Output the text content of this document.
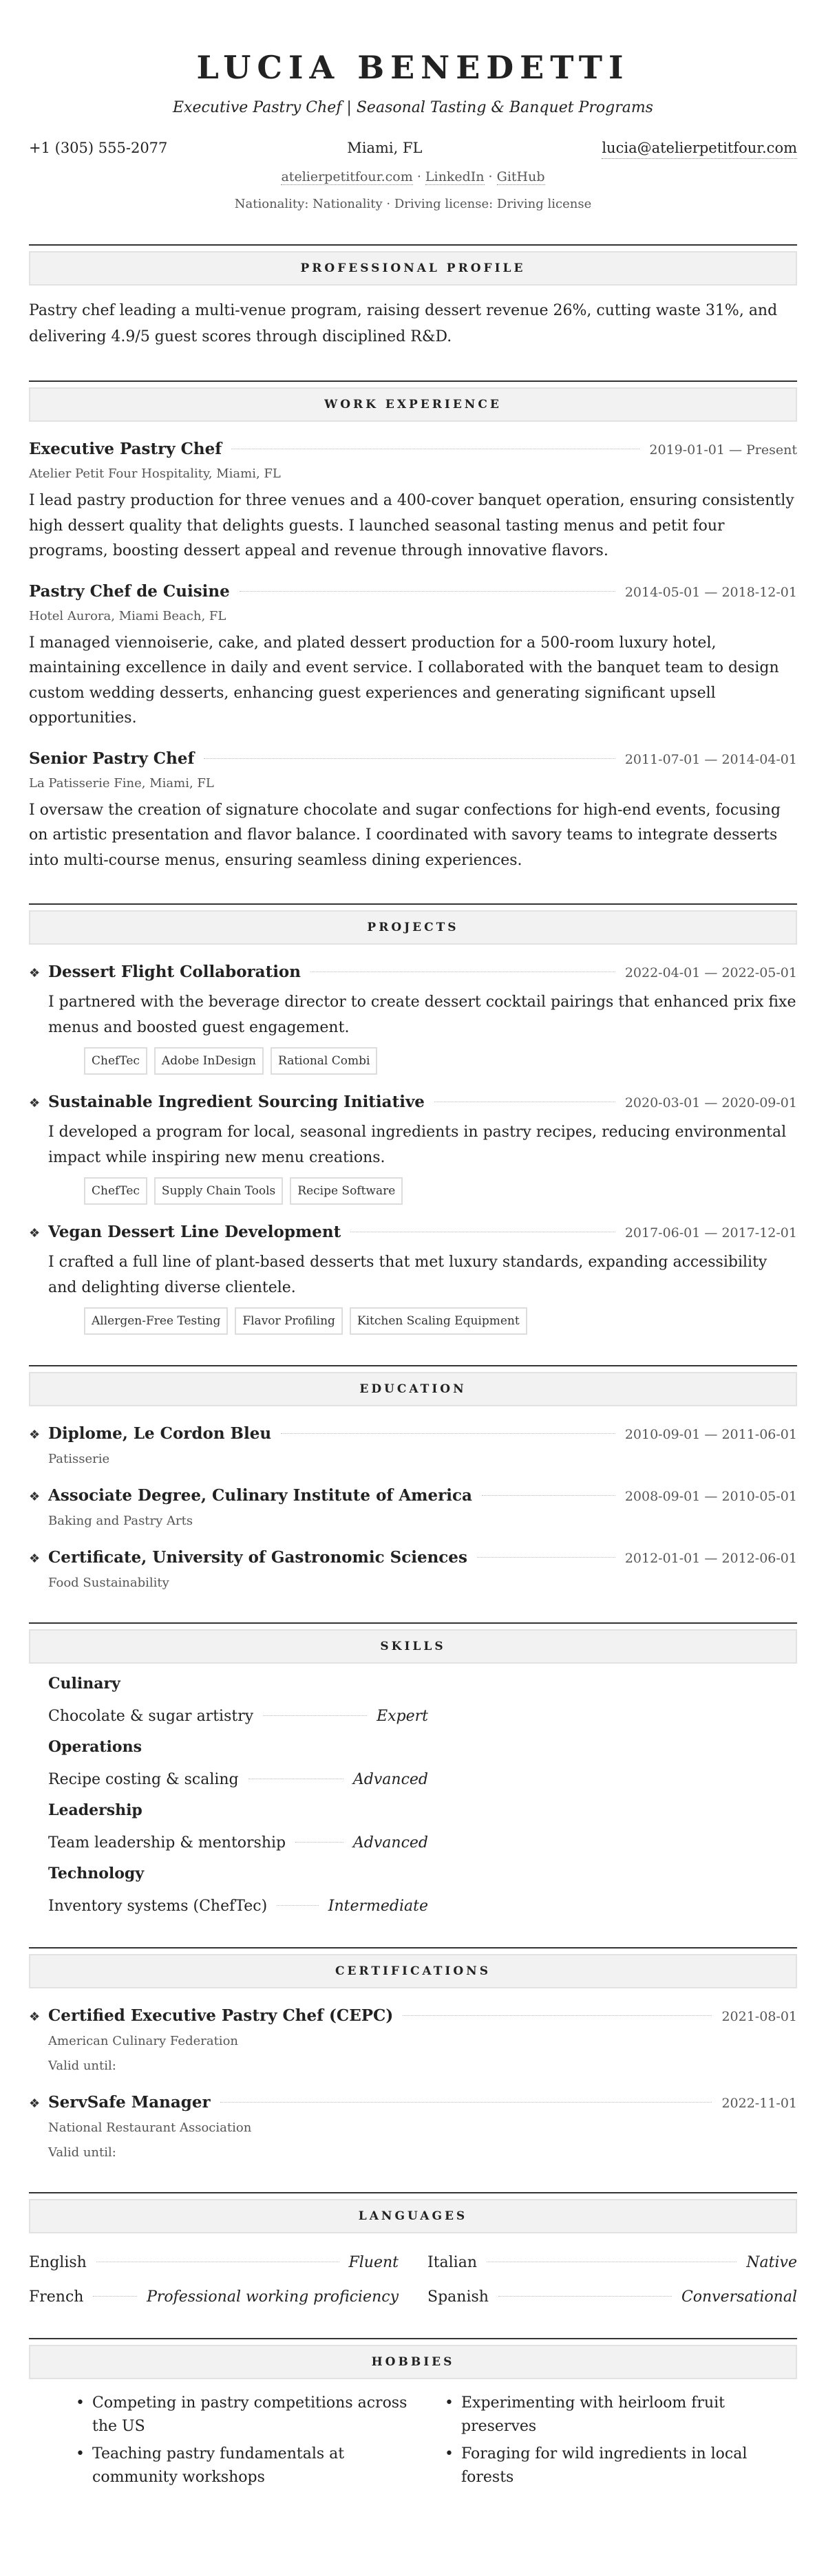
LUCIA BENEDETTI
Executive Pastry Chef | Seasonal Tasting & Banquet Programs
+1 (305) 555-2077	Miami, FL	lucia@atelierpetitfour.com
atelierpetitfour.com · LinkedIn · GitHub
Nationality: Nationality · Driving license: Driving license
PROFESSIONAL PROFILE

Pastry chef leading a multi-venue program, raising dessert revenue 26%, cutting waste 31%, and delivering 4.9/5 guest scores through disciplined R&D.

WORK EXPERIENCE
Executive Pastry Chef	2019-01-01 — Present
Atelier Petit Four Hospitality, Miami, FL

I lead pastry production for three venues and a 400-cover banquet operation, ensuring consistently high dessert quality that delights guests. I launched seasonal tasting menus and petit four programs, boosting dessert appeal and revenue through innovative flavors.

Pastry Chef de Cuisine	2014-05-01 — 2018-12-01
Hotel Aurora, Miami Beach, FL

I managed viennoiserie, cake, and plated dessert production for a 500-room luxury hotel, maintaining excellence in daily and event service. I collaborated with the banquet team to design custom wedding desserts, enhancing guest experiences and generating significant upsell opportunities.

Senior Pastry Chef	2011-07-01 — 2014-04-01
La Patisserie Fine, Miami, FL

I oversaw the creation of signature chocolate and sugar confections for high-end events, focusing on artistic presentation and flavor balance. I coordinated with savory teams to integrate desserts into multi-course menus, ensuring seamless dining experiences.

PROJECTS
❖ Dessert Flight Collaboration	2022-04-01 — 2022-05-01

I partnered with the beverage director to create dessert cocktail pairings that enhanced prix fixe menus and boosted guest engagement.

ChefTec	Adobe InDesign	Rational Combi
❖ Sustainable Ingredient Sourcing Initiative	2020-03-01 — 2020-09-01

I developed a program for local, seasonal ingredients in pastry recipes, reducing environmental impact while inspiring new menu creations.

ChefTec	Supply Chain Tools	Recipe Software
❖ Vegan Dessert Line Development	2017-06-01 — 2017-12-01

I crafted a full line of plant-based desserts that met luxury standards, expanding accessibility and delighting diverse clientele.

Allergen-Free Testing	Flavor Profiling	Kitchen Scaling Equipment
EDUCATION
❖ Diplome, Le Cordon Bleu	2010-09-01 — 2011-06-01
Patisserie
❖ Associate Degree, Culinary Institute of America	2008-09-01 — 2010-05-01
Baking and Pastry Arts
❖ Certificate, University of Gastronomic Sciences	2012-01-01 — 2012-06-01
Food Sustainability
SKILLS
Culinary
Chocolate & sugar artistry	Expert
Operations
Recipe costing & scaling	Advanced
Leadership
Team leadership & mentorship	Advanced
Technology
Inventory systems (ChefTec)	Intermediate
CERTIFICATIONS
❖ Certified Executive Pastry Chef (CEPC)	2021-08-01
American Culinary Federation
Valid until:
❖ ServSafe Manager	2022-11-01
National Restaurant Association
Valid until:
LANGUAGES
English	Fluent Italian	Native
French	Professional working proficiency Spanish	Conversational
HOBBIES
• Competing in pastry competitions across the US
• Teaching pastry fundamentals at community workshops
• Experimenting with heirloom fruit preserves
• Foraging for wild ingredients in local forests
